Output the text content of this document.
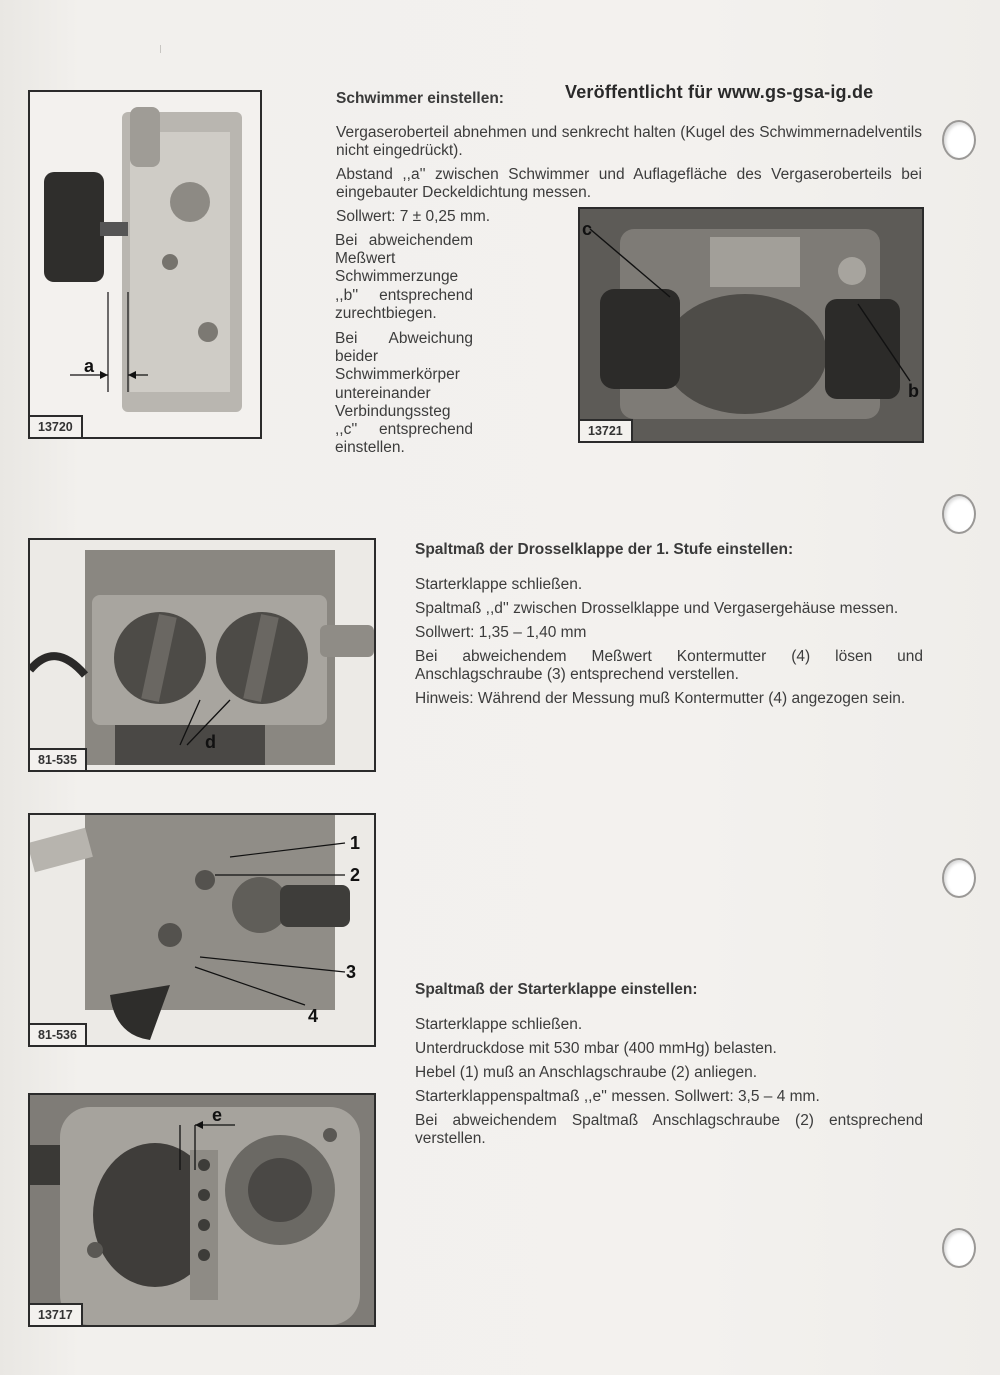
Veröffentlicht für www.gs-gsa-ig.de
Schwimmer einstellen:

Vergaseroberteil abnehmen und senkrecht halten (Kugel des Schwimmernadelventils nicht eingedrückt).

Abstand ,,a'' zwischen Schwimmer und Auflagefläche des Vergaseroberteils bei eingebauter Deckeldichtung messen.

Sollwert: 7 ± 0,25 mm.

Bei abweichendem Meßwert Schwimmerzunge ,,b'' entsprechend zurechtbiegen.

Bei Abweichung beider Schwimmerkörper untereinander Verbindungssteg ,,c'' entsprechend einstellen.

a
13720
c
b
13721
Spaltmaß der Drosselklappe der 1. Stufe einstellen:

Starterklappe schließen.

Spaltmaß ,,d'' zwischen Drosselklappe und Vergasergehäuse messen.

Sollwert: 1,35 – 1,40 mm

Bei abweichendem Meßwert Kontermutter (4) lösen und Anschlagschraube (3) entsprechend verstellen.

Hinweis: Während der Messung muß Kontermutter (4) angezogen sein.

d
81-535
1
2
3
4
81-536
Spaltmaß der Starterklappe einstellen:

Starterklappe schließen.

Unterdruckdose mit 530 mbar (400 mmHg) belasten.

Hebel (1) muß an Anschlagschraube (2) anliegen.

Starterklappenspaltmaß ,,e'' messen. Sollwert: 3,5 – 4 mm.

Bei abweichendem Spaltmaß Anschlagschraube (2) entsprechend verstellen.

e
13717
